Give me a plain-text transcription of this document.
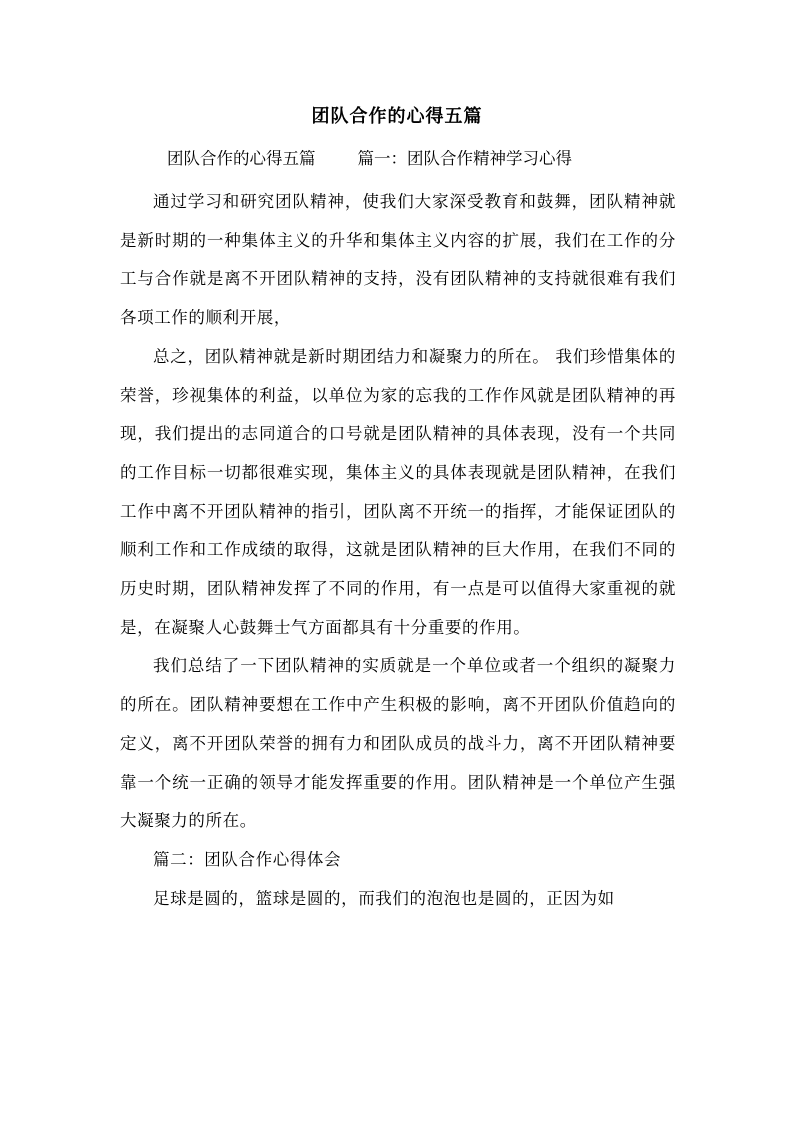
团队合作的心得五篇
团队合作的心得五篇        篇一：团队合作精神学习心得

通过学习和研究团队精神，使我们大家深受教育和鼓舞，团队精神就是新时期的一种集体主义的升华和集体主义内容的扩展，我们在工作的分工与合作就是离不开团队精神的支持，没有团队精神的支持就很难有我们各项工作的顺利开展，

总之，团队精神就是新时期团结力和凝聚力的所在。 我们珍惜集体的荣誉，珍视集体的利益，以单位为家的忘我的工作作风就是团队精神的再现，我们提出的志同道合的口号就是团队精神的具体表现，没有一个共同的工作目标一切都很难实现，集体主义的具体表现就是团队精神，在我们工作中离不开团队精神的指引，团队离不开统一的指挥，才能保证团队的顺利工作和工作成绩的取得，这就是团队精神的巨大作用，在我们不同的历史时期，团队精神发挥了不同的作用，有一点是可以值得大家重视的就是，在凝聚人心鼓舞士气方面都具有十分重要的作用。

我们总结了一下团队精神的实质就是一个单位或者一个组织的凝聚力的所在。团队精神要想在工作中产生积极的影响，离不开团队价值趋向的定义，离不开团队荣誉的拥有力和团队成员的战斗力，离不开团队精神要靠一个统一正确的领导才能发挥重要的作用。团队精神是一个单位产生强大凝聚力的所在。

篇二：团队合作心得体会

足球是圆的，篮球是圆的，而我们的泡泡也是圆的，正因为如
